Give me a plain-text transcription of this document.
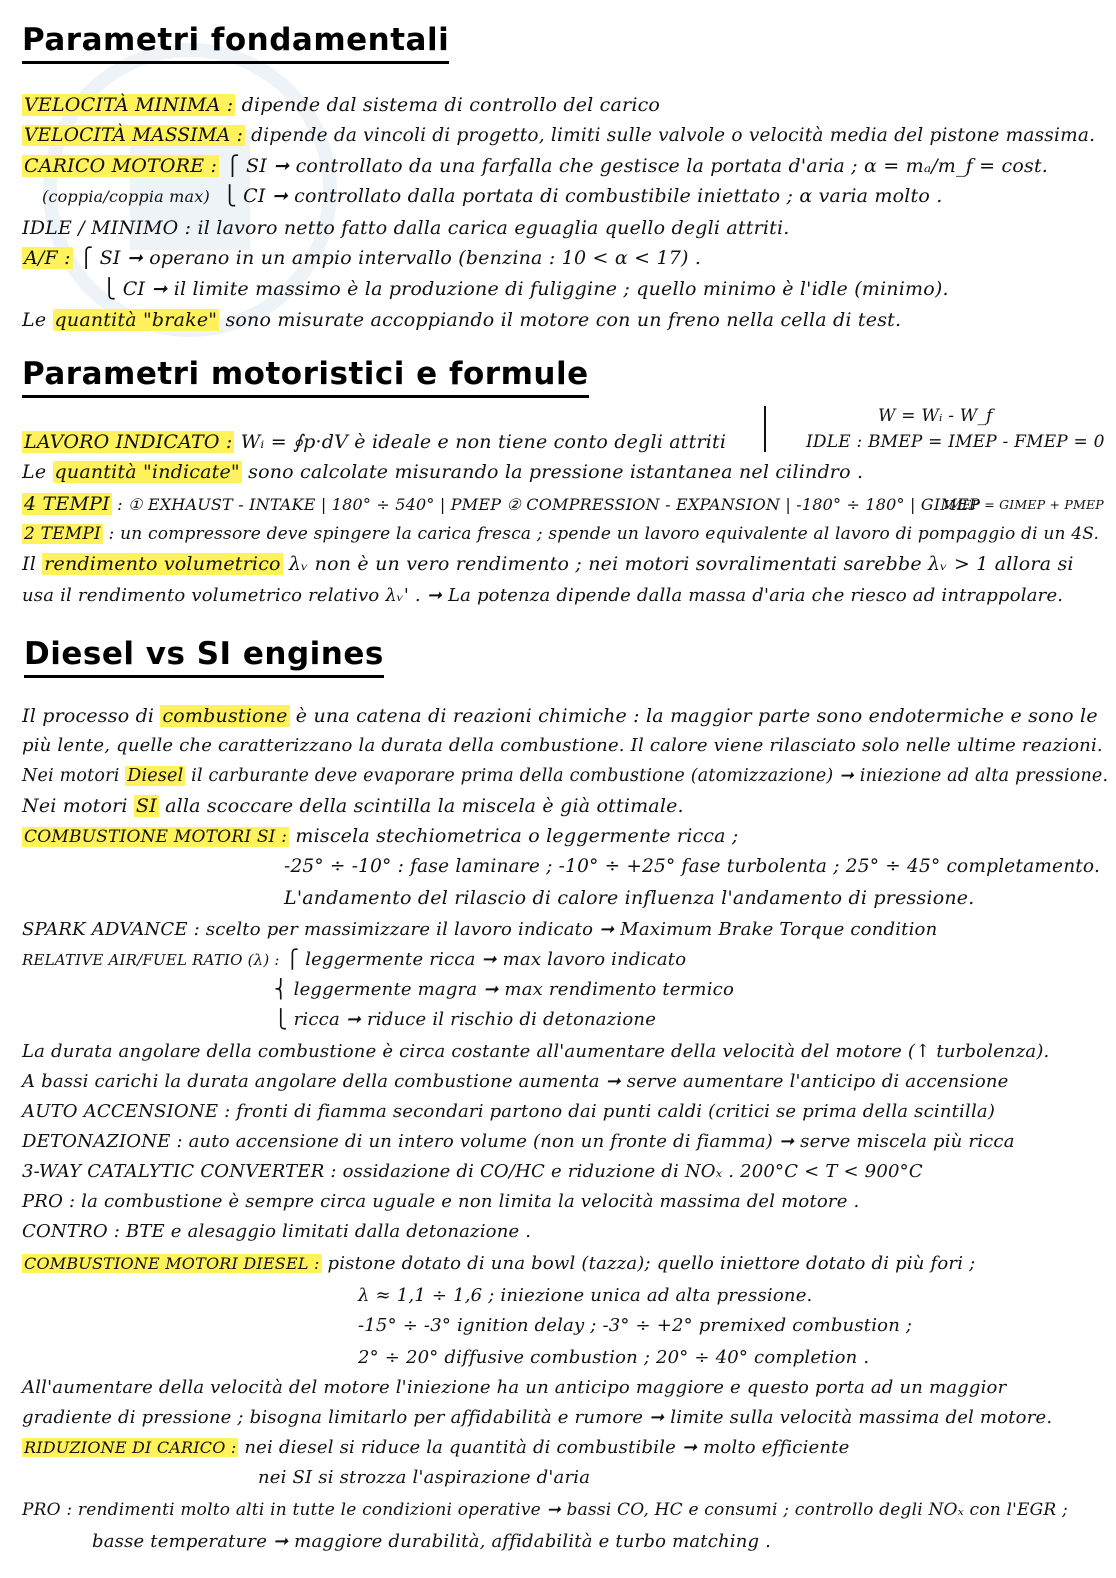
Parametri fondamentali
VELOCITÀ MINIMA : dipende dal sistema di controllo del carico
VELOCITÀ MASSIMA : dipende da vincoli di progetto, limiti sulle valvole o velocità media del pistone massima.
CARICO MOTORE : ⎧ SI ➞ controllato da una farfalla che gestisce la portata d'aria ; α = mₐ/m_f = cost.
(coppia/coppia max) ⎩ CI ➞ controllato dalla portata di combustibile iniettato ; α varia molto .
IDLE / MINIMO : il lavoro netto fatto dalla carica eguaglia quello degli attriti.
A/F : ⎧ SI ➞ operano in un ampio intervallo (benzina : 10 < α < 17) .
⎩ CI ➞ il limite massimo è la produzione di fuliggine ; quello minimo è l'idle (minimo).
Le quantità "brake" sono misurate accoppiando il motore con un freno nella cella di test.
Parametri motoristici e formule
W = Wᵢ - W_f
LAVORO INDICATO : Wᵢ = ∮p·dV è ideale e non tiene conto degli attriti	IDLE : BMEP = IMEP - FMEP = 0
Le quantità "indicate" sono calcolate misurando la pressione istantanea nel cilindro .
4 TEMPI : ① EXHAUST - INTAKE | 180° ÷ 540° | PMEP ② COMPRESSION - EXPANSION | -180° ÷ 180° | GIMEP
IMEP = GIMEP + PMEP
2 TEMPI : un compressore deve spingere la carica fresca ; spende un lavoro equivalente al lavoro di pompaggio di un 4S.
Il rendimento volumetrico λᵥ non è un vero rendimento ; nei motori sovralimentati sarebbe λᵥ > 1 allora si
usa il rendimento volumetrico relativo λᵥ' . ➞ La potenza dipende dalla massa d'aria che riesco ad intrappolare.
Diesel vs SI engines
Il processo di combustione è una catena di reazioni chimiche : la maggior parte sono endotermiche e sono le
più lente, quelle che caratterizzano la durata della combustione. Il calore viene rilasciato solo nelle ultime reazioni.
Nei motori Diesel il carburante deve evaporare prima della combustione (atomizzazione) ➞ iniezione ad alta pressione.
Nei motori SI alla scoccare della scintilla la miscela è già ottimale.
COMBUSTIONE MOTORI SI : miscela stechiometrica o leggermente ricca ;
-25° ÷ -10° : fase laminare ; -10° ÷ +25° fase turbolenta ; 25° ÷ 45° completamento.
L'andamento del rilascio di calore influenza l'andamento di pressione.
SPARK ADVANCE : scelto per massimizzare il lavoro indicato ➞ Maximum Brake Torque condition
RELATIVE AIR/FUEL RATIO (λ) : ⎧ leggermente ricca ➞ max lavoro indicato
⎨ leggermente magra ➞ max rendimento termico
⎩ ricca ➞ riduce il rischio di detonazione
La durata angolare della combustione è circa costante all'aumentare della velocità del motore (↑ turbolenza).
A bassi carichi la durata angolare della combustione aumenta ➞ serve aumentare l'anticipo di accensione
AUTO ACCENSIONE : fronti di fiamma secondari partono dai punti caldi (critici se prima della scintilla)
DETONAZIONE : auto accensione di un intero volume (non un fronte di fiamma) ➞ serve miscela più ricca
3-WAY CATALYTIC CONVERTER : ossidazione di CO/HC e riduzione di NOₓ . 200°C < T < 900°C
PRO : la combustione è sempre circa uguale e non limita la velocità massima del motore .
CONTRO : BTE e alesaggio limitati dalla detonazione .
COMBUSTIONE MOTORI DIESEL : pistone dotato di una bowl (tazza); quello iniettore dotato di più fori ;
λ ≈ 1,1 ÷ 1,6 ; iniezione unica ad alta pressione.
-15° ÷ -3° ignition delay ; -3° ÷ +2° premixed combustion ;
2° ÷ 20° diffusive combustion ; 20° ÷ 40° completion .
All'aumentare della velocità del motore l'iniezione ha un anticipo maggiore e questo porta ad un maggior
gradiente di pressione ; bisogna limitarlo per affidabilità e rumore ➞ limite sulla velocità massima del motore.
RIDUZIONE DI CARICO : nei diesel si riduce la quantità di combustibile ➞ molto efficiente
nei SI si strozza l'aspirazione d'aria
PRO : rendimenti molto alti in tutte le condizioni operative ➞ bassi CO, HC e consumi ; controllo degli NOₓ con l'EGR ;
basse temperature ➞ maggiore durabilità, affidabilità e turbo matching .
